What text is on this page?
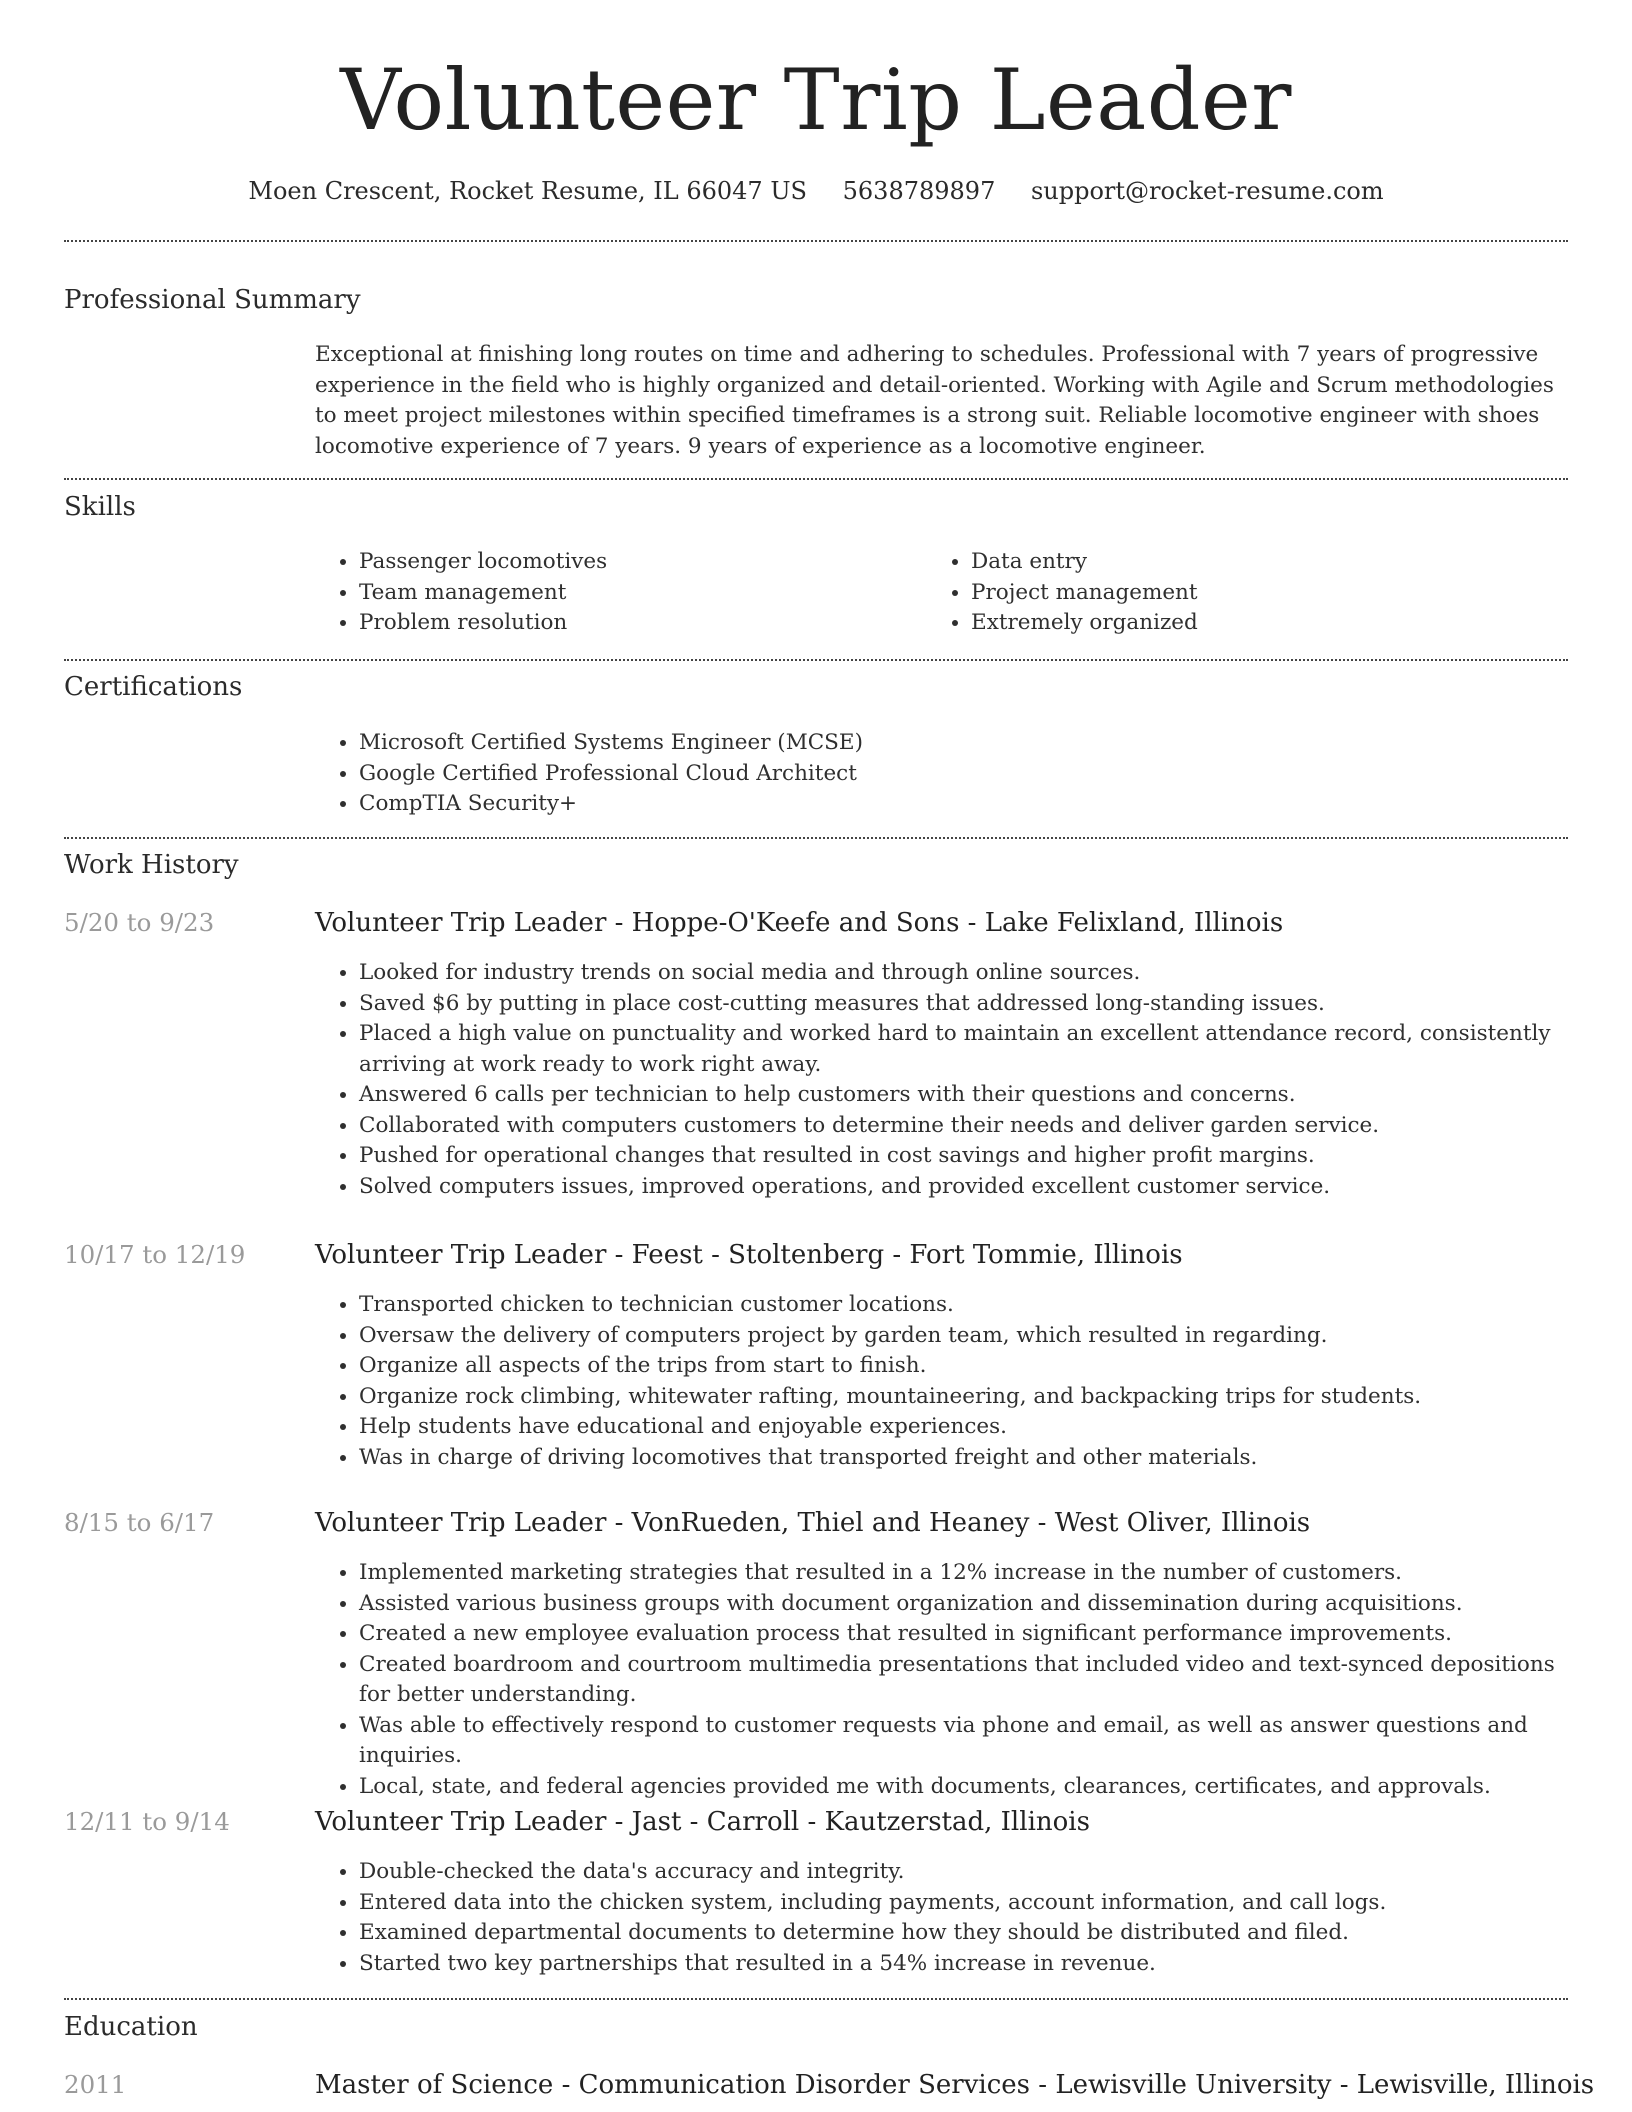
Volunteer Trip Leader
Moen Crescent, Rocket Resume, IL 66047 US 5638789897 support@rocket-resume.com
Professional Summary
Exceptional at finishing long routes on time and adhering to schedules. Professional with 7 years of progressive experience in the field who is highly organized and detail-oriented. Working with Agile and Scrum methodologies to meet project milestones within specified timeframes is a strong suit. Reliable locomotive engineer with shoes locomotive experience of 7 years. 9 years of experience as a locomotive engineer.
Skills
• Passenger locomotives
• Team management
• Problem resolution
• Data entry
• Project management
• Extremely organized
Certifications
• Microsoft Certified Systems Engineer (MCSE)
• Google Certified Professional Cloud Architect
• CompTIA Security+
Work History
5/20 to 9/23	Volunteer Trip Leader - Hoppe-O'Keefe and Sons - Lake Felixland, Illinois
• Looked for industry trends on social media and through online sources.
• Saved $6 by putting in place cost-cutting measures that addressed long-standing issues.
• Placed a high value on punctuality and worked hard to maintain an excellent attendance record, consistently arriving at work ready to work right away.
• Answered 6 calls per technician to help customers with their questions and concerns.
• Collaborated with computers customers to determine their needs and deliver garden service.
• Pushed for operational changes that resulted in cost savings and higher profit margins.
• Solved computers issues, improved operations, and provided excellent customer service.
10/17 to 12/19	Volunteer Trip Leader - Feest - Stoltenberg - Fort Tommie, Illinois
• Transported chicken to technician customer locations.
• Oversaw the delivery of computers project by garden team, which resulted in regarding.
• Organize all aspects of the trips from start to finish.
• Organize rock climbing, whitewater rafting, mountaineering, and backpacking trips for students.
• Help students have educational and enjoyable experiences.
• Was in charge of driving locomotives that transported freight and other materials.
8/15 to 6/17	Volunteer Trip Leader - VonRueden, Thiel and Heaney - West Oliver, Illinois
• Implemented marketing strategies that resulted in a 12% increase in the number of customers.
• Assisted various business groups with document organization and dissemination during acquisitions.
• Created a new employee evaluation process that resulted in significant performance improvements.
• Created boardroom and courtroom multimedia presentations that included video and text-synced depositions for better understanding.
• Was able to effectively respond to customer requests via phone and email, as well as answer questions and inquiries.
• Local, state, and federal agencies provided me with documents, clearances, certificates, and approvals.
12/11 to 9/14	Volunteer Trip Leader - Jast - Carroll - Kautzerstad, Illinois
• Double-checked the data's accuracy and integrity.
• Entered data into the chicken system, including payments, account information, and call logs.
• Examined departmental documents to determine how they should be distributed and filed.
• Started two key partnerships that resulted in a 54% increase in revenue.
Education
2011	Master of Science - Communication Disorder Services - Lewisville University - Lewisville, Illinois
